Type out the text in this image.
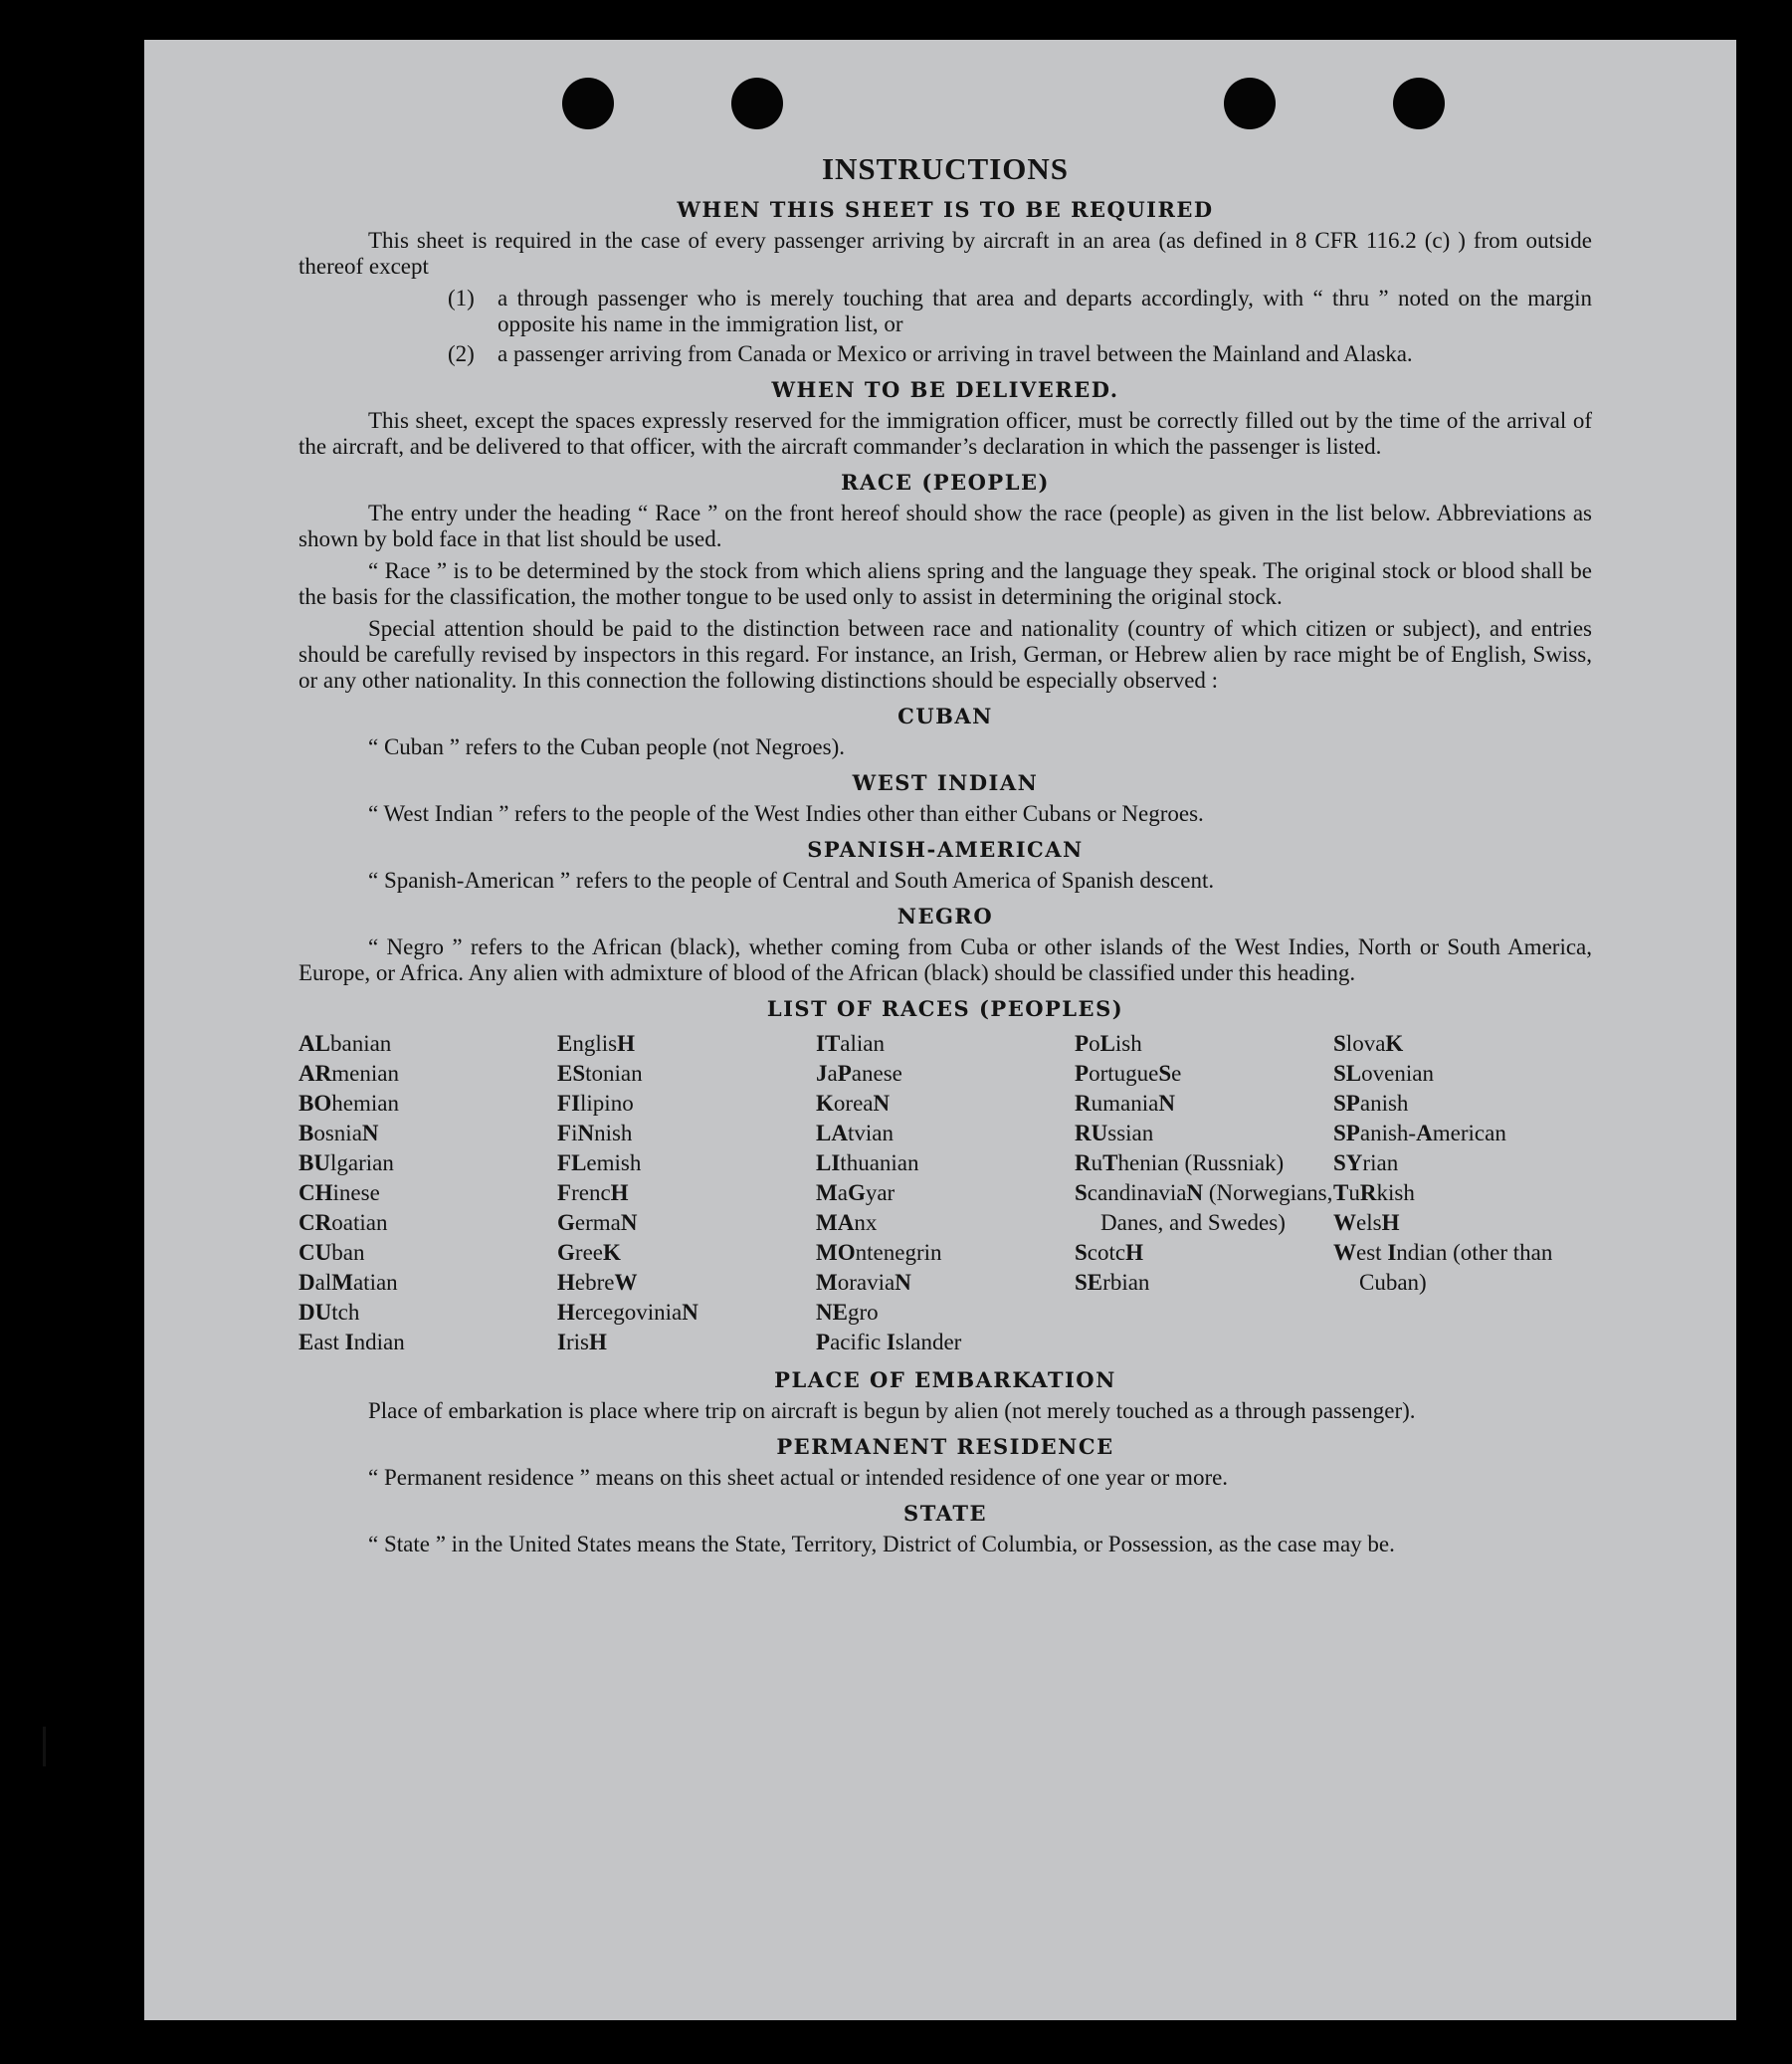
INSTRUCTIONS
WHEN THIS SHEET IS TO BE REQUIRED

This sheet is required in the case of every passenger arriving by aircraft in an area (as defined in 8 CFR 116.2 (c) ) from outside thereof except

(1)	a through passenger who is merely touching that area and departs accordingly, with “ thru ” noted on the margin opposite his name in the immigration list, or
(2)	a passenger arriving from Canada or Mexico or arriving in travel between the Mainland and Alaska.
WHEN TO BE DELIVERED.

This sheet, except the spaces expressly reserved for the immigration officer, must be correctly filled out by the time of the arrival of the aircraft, and be delivered to that officer, with the aircraft commander’s declaration in which the passenger is listed.

RACE (PEOPLE)

The entry under the heading “ Race ” on the front hereof should show the race (people) as given in the list below. Abbreviations as shown by bold face in that list should be used.

“ Race ” is to be determined by the stock from which aliens spring and the language they speak. The original stock or blood shall be the basis for the classification, the mother tongue to be used only to assist in determining the original stock.

Special attention should be paid to the distinction between race and nationality (country of which citizen or subject), and entries should be carefully revised by inspectors in this regard. For instance, an Irish, German, or Hebrew alien by race might be of English, Swiss, or any other nationality. In this connection the following distinctions should be especially observed :

CUBAN

“ Cuban ” refers to the Cuban people (not Negroes).

WEST INDIAN

“ West Indian ” refers to the people of the West Indies other than either Cubans or Negroes.

SPANISH-AMERICAN

“ Spanish-American ” refers to the people of Central and South America of Spanish descent.

NEGRO

“ Negro ” refers to the African (black), whether coming from Cuba or other islands of the West Indies, North or South America, Europe, or Africa. Any alien with admixture of blood of the African (black) should be classified under this heading.

LIST OF RACES (PEOPLES)
ALbanian
ARmenian
BOhemian
BosniaN
BUlgarian
CHinese
CRoatian
CUban
DalMatian
DUtch
East Indian
EnglisH
EStonian
FIlipino
FiNnish
FLemish
FrencH
GermaN
GreeK
HebreW
HercegoviniaN
IrisH
ITalian
JaPanese
KoreaN
LAtvian
LIthuanian
MaGyar
MAnx
MOntenegrin
MoraviaN
NEgro
Pacific Islander
PoLish
PortugueSe
RumaniaN
RUssian
RuThenian (Russniak)
ScandinaviaN (Norwegians, Danes, and Swedes)
ScotcH
SErbian
SlovaK
SLovenian
SPanish
SPanish-American
SYrian
TuRkish
WelsH
West Indian (other than Cuban)
PLACE OF EMBARKATION

Place of embarkation is place where trip on aircraft is begun by alien (not merely touched as a through passenger).

PERMANENT RESIDENCE

“ Permanent residence ” means on this sheet actual or intended residence of one year or more.

STATE

“ State ” in the United States means the State, Territory, District of Columbia, or Possession, as the case may be.
